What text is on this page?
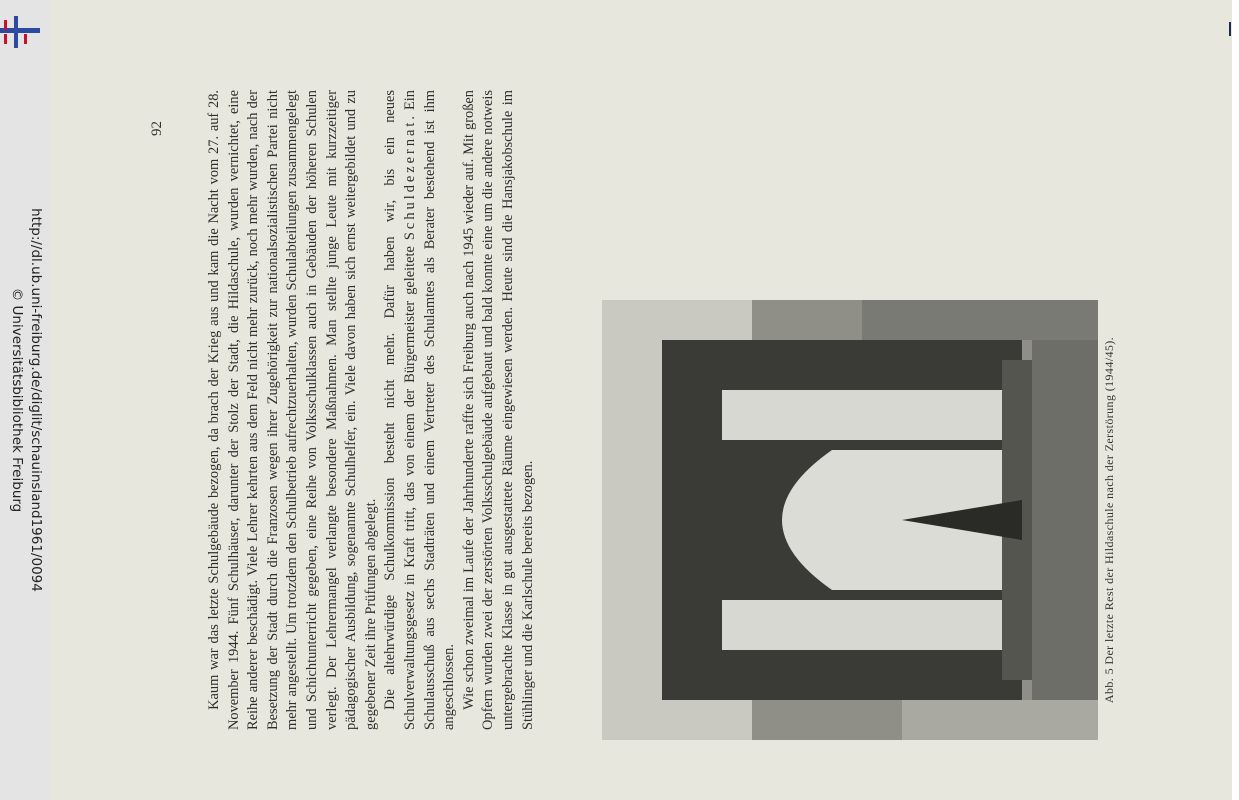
http://dl.ub.uni-freiburg.de/diglit/schauinsland1961/0094
© Universitätsbibliothek Freiburg	Abb. 5 Der letzte Rest der Hildaschule nach der Zerstörung (1944/45).

Kaum war das letzte Schulgebäude bezogen, da brach der Krieg aus und kam die Nacht vom 27. auf 28. November 1944. Fünf Schulhäuser, darunter der Stolz der Stadt, die Hildaschule, wurden vernichtet, eine Reihe anderer beschädigt. Viele Lehrer kehrten aus dem Feld nicht mehr zurück, noch mehr wurden, nach der Besetzung der Stadt durch die Franzosen wegen ihrer Zugehörigkeit zur nationalsozialistischen Partei nicht mehr angestellt. Um trotzdem den Schulbetrieb aufrechtzuerhalten, wurden Schulabteilungen zusammengelegt und Schichtunterricht gegeben, eine Reihe von Volksschulklassen auch in Gebäuden der höheren Schulen verlegt. Der Lehrermangel verlangte besondere Maßnahmen. Man stellte junge Leute mit kurzzeitiger pädagogischer Ausbildung, sogenannte Schulhelfer, ein. Viele davon haben sich ernst weitergebildet und zu gegebener Zeit ihre Prüfungen abgelegt. Die altehrwürdige Schulkommission besteht nicht mehr. Dafür haben wir, bis ein neues Schulverwaltungsgesetz in Kraft tritt, das von einem der Bürgermeister geleitete Schuldezernat. Ein Schulausschuß aus sechs Stadträten und einem Vertreter des Schulamtes als Berater bestehend ist ihm angeschlossen. Wie schon zweimal im Laufe der Jahrhunderte raffte sich Freiburg auch nach 1945 wieder auf. Mit großen Opfern wurden zwei der zerstörten Volksschulgebäude aufgebaut und bald konnte eine um die andere notweis untergebrachte Klasse in gut ausgestattete Räume eingewiesen werden. Heute sind die Hansjakobschule im Stühlinger und die Karlschule bereits bezogen.

92
